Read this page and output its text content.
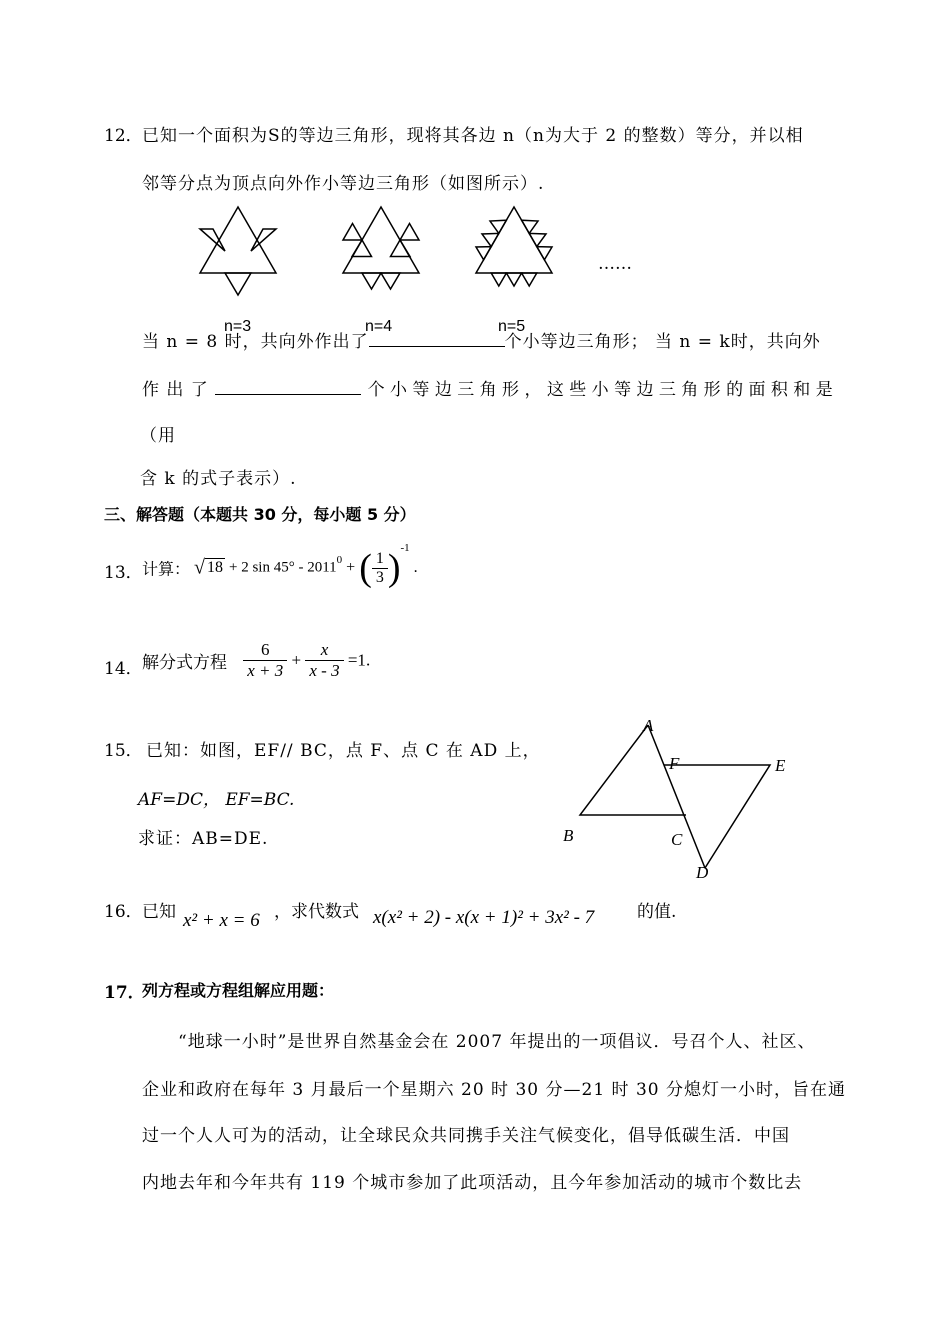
12． 已知一个面积为S的等边三角形，现将其各边 n（n为大于 2 的整数）等分，并以相
邻等分点为顶点向外作小等边三角形（如图所示）.
……
n=3	n=4	n=5
当 n = 8 时，共向外作出了	个小等边三角形； 当 n = k时，共向外
作 出 了	个 小 等 边 三 角 形 ， 这 些 小 等 边 三 角 形 的 面 积 和 是
（用
含 k 的式子表示）.
三、解答题（本题共 30 分，每小题 5 分）
13． 计算： √ 18 + 2 $\sin 45^\circ - 2011^0$ + ( $\frac{1}{3} )^{-1}$ .
14． 解分式方程 $\frac{6}{x + 3} + \frac{x}{x - 3} =1$.
15． 已知：如图，EF// BC，点 F、点 C 在 AD 上，
AF=DC， EF=BC.
求证：AB=DE.
A
F	E
B	C
D
16． 已知 x² + x = 6 ，求代数式 x(x² + 2) - x(x + 1)² + 3x² - 7	的值.
17．
列方程或方程组解应用题：
“地球一小时”是世界自然基金会在 2007 年提出的一项倡议．号召个人、社区、
企业和政府在每年 3 月最后一个星期六 20 时 30 分—21 时 30 分熄灯一小时，旨在通
过一个人人可为的活动，让全球民众共同携手关注气候变化，倡导低碳生活．中国
内地去年和今年共有 119 个城市参加了此项活动，且今年参加活动的城市个数比去
